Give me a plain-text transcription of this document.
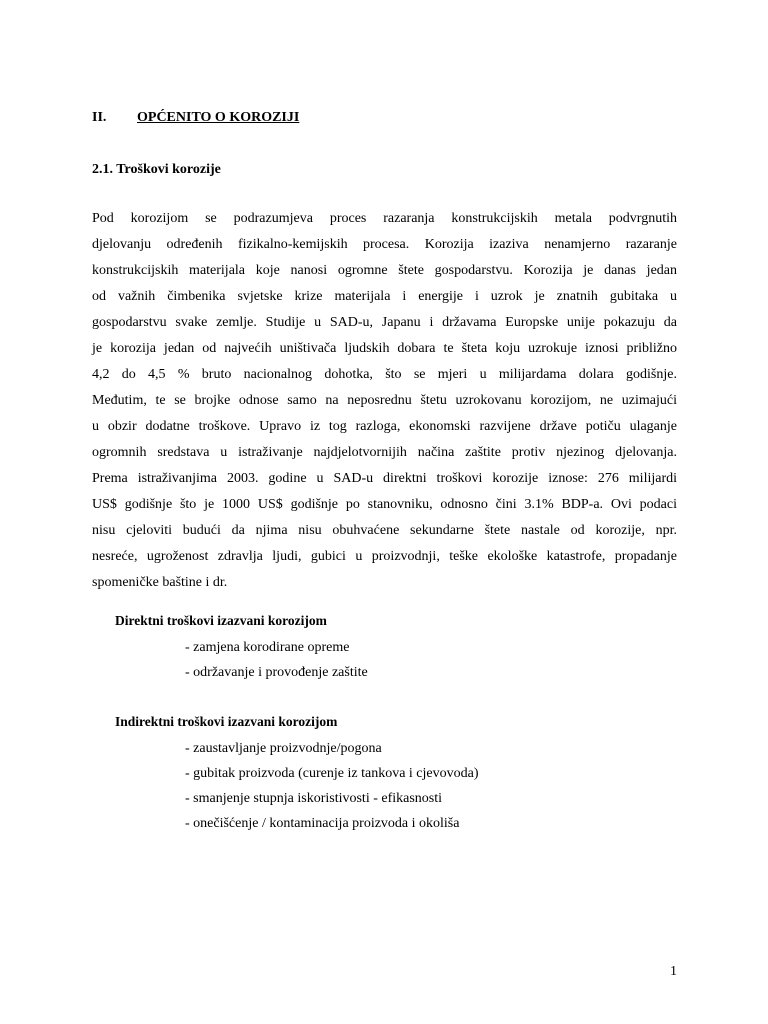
II. OPĆENITO O KOROZIJI
2.1. Troškovi korozije
Pod korozijom se podrazumjeva proces razaranja konstrukcijskih metala podvrgnutih
djelovanju određenih fizikalno-kemijskih procesa. Korozija izaziva nenamjerno razaranje
konstrukcijskih materijala koje nanosi ogromne štete gospodarstvu. Korozija je danas jedan
od važnih čimbenika svjetske krize materijala i energije i uzrok je znatnih gubitaka u
gospodarstvu svake zemlje. Studije u SAD-u, Japanu i državama Europske unije pokazuju da
je korozija jedan od najvećih uništivača ljudskih dobara te šteta koju uzrokuje iznosi približno
4,2 do 4,5 % bruto nacionalnog dohotka, što se mjeri u milijardama dolara godišnje.
Međutim, te se brojke odnose samo na neposrednu štetu uzrokovanu korozijom, ne uzimajući
u obzir dodatne troškove. Upravo iz tog razloga, ekonomski razvijene države potiču ulaganje
ogromnih sredstava u istraživanje najdjelotvornijih načina zaštite protiv njezinog djelovanja.
Prema istraživanjima 2003. godine u SAD-u direktni troškovi korozije iznose: 276 milijardi
US$ godišnje što je 1000 US$ godišnje po stanovniku, odnosno čini 3.1% BDP-a. Ovi podaci
nisu cjeloviti budući da njima nisu obuhvaćene sekundarne štete nastale od korozije, npr.
nesreće, ugroženost zdravlja ljudi, gubici u proizvodnji, teške ekološke katastrofe, propadanje
spomeničke baštine i dr.
Direktni troškovi izazvani korozijom
- zamjena korodirane opreme
- održavanje i provođenje zaštite
Indirektni troškovi izazvani korozijom
- zaustavljanje proizvodnje/pogona
- gubitak proizvoda (curenje iz tankova i cjevovoda)
- smanjenje stupnja iskoristivosti - efikasnosti
- onečišćenje / kontaminacija proizvoda i okoliša
1
